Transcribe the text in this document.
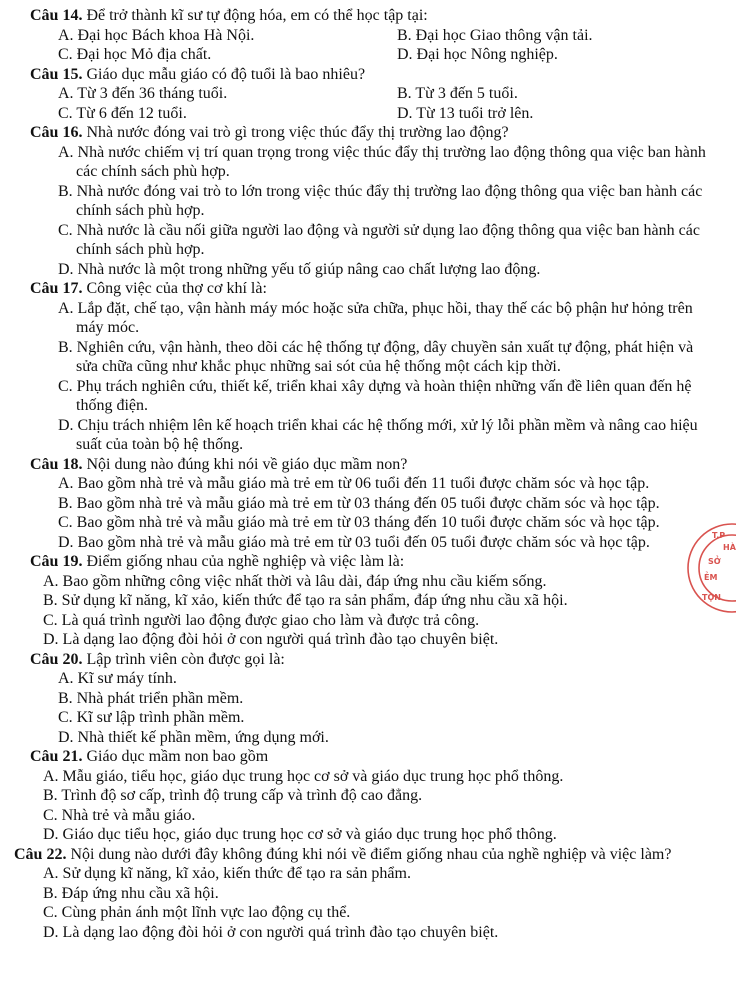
Câu 14. Để trở thành kĩ sư tự động hóa, em có thể học tập tại:
A. Đại học Bách khoa Hà Nội.	B. Đại học Giao thông vận tải.
C. Đại học Mỏ địa chất.	D. Đại học Nông nghiệp.
Câu 15. Giáo dục mẫu giáo có độ tuổi là bao nhiêu?
A. Từ 3 đến 36 tháng tuổi.	B. Từ 3 đến 5 tuổi.
C. Từ 6 đến 12 tuổi.	D. Từ 13 tuổi trở lên.
Câu 16. Nhà nước đóng vai trò gì trong việc thúc đẩy thị trường lao động?
A. Nhà nước chiếm vị trí quan trọng trong việc thúc đẩy thị trường lao động thông qua việc ban hành các chính sách phù hợp.
B. Nhà nước đóng vai trò to lớn trong việc thúc đẩy thị trường lao động thông qua việc ban hành các chính sách phù hợp.
C. Nhà nước là cầu nối giữa người lao động và người sử dụng lao động thông qua việc ban hành các chính sách phù hợp.
D. Nhà nước là một trong những yếu tố giúp nâng cao chất lượng lao động.
Câu 17. Công việc của thợ cơ khí là:
A. Lắp đặt, chế tạo, vận hành máy móc hoặc sửa chữa, phục hồi, thay thế các bộ phận hư hỏng trên máy móc.
B. Nghiên cứu, vận hành, theo dõi các hệ thống tự động, dây chuyền sản xuất tự động, phát hiện và sửa chữa cũng như khắc phục những sai sót của hệ thống một cách kịp thời.
C. Phụ trách nghiên cứu, thiết kế, triển khai xây dựng và hoàn thiện những vấn đề liên quan đến hệ thống điện.
D. Chịu trách nhiệm lên kế hoạch triển khai các hệ thống mới, xử lý lỗi phần mềm và nâng cao hiệu suất của toàn bộ hệ thống.
Câu 18. Nội dung nào đúng khi nói về giáo dục mầm non?
A. Bao gồm nhà trẻ và mẫu giáo mà trẻ em từ 06 tuổi đến 11 tuổi được chăm sóc và học tập.
B. Bao gồm nhà trẻ và mẫu giáo mà trẻ em từ 03 tháng đến 05 tuổi được chăm sóc và học tập.
C. Bao gồm nhà trẻ và mẫu giáo mà trẻ em từ 03 tháng đến 10 tuổi được chăm sóc và học tập.
D. Bao gồm nhà trẻ và mẫu giáo mà trẻ em từ 03 tuổi đến 05 tuổi được chăm sóc và học tập.
Câu 19. Điểm giống nhau của nghề nghiệp và việc làm là:
A. Bao gồm những công việc nhất thời và lâu dài, đáp ứng nhu cầu kiếm sống.
B. Sử dụng kĩ năng, kĩ xảo, kiến thức để tạo ra sản phẩm, đáp ứng nhu cầu xã hội.
C. Là quá trình người lao động được giao cho làm và được trả công.
D. Là dạng lao động đòi hỏi ở con người quá trình đào tạo chuyên biệt.
Câu 20. Lập trình viên còn được gọi là:
A. Kĩ sư máy tính.
B. Nhà phát triển phần mềm.
C. Kĩ sư lập trình phần mềm.
D. Nhà thiết kế phần mềm, ứng dụng mới.
Câu 21. Giáo dục mầm non bao gồm
A. Mẫu giáo, tiểu học, giáo dục trung học cơ sở và giáo dục trung học phổ thông.
B. Trình độ sơ cấp, trình độ trung cấp và trình độ cao đẳng.
C. Nhà trẻ và mẫu giáo.
D. Giáo dục tiểu học, giáo dục trung học cơ sở và giáo dục trung học phổ thông.
Câu 22. Nội dung nào dưới đây không đúng khi nói về điểm giống nhau của nghề nghiệp và việc làm?
A. Sử dụng kĩ năng, kĩ xảo, kiến thức để tạo ra sản phẩm.
B. Đáp ứng nhu cầu xã hội.
C. Cùng phản ánh một lĩnh vực lao động cụ thể.
D. Là dạng lao động đòi hỏi ở con người quá trình đào tạo chuyên biệt.
T.P
HÀ
SỞ
ẺM
TỌN
